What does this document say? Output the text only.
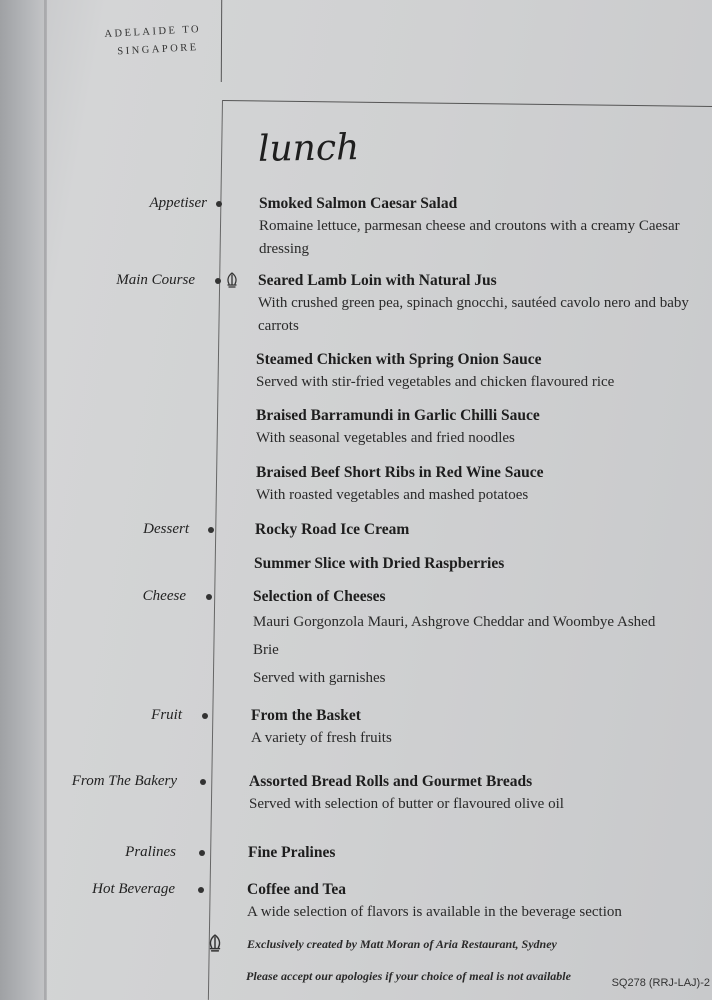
ADELAIDE TO
SINGAPORE
lunch
Appetiser	Smoked Salmon Caesar Salad
Romaine lettuce, parmesan cheese and croutons with a creamy Caesar
dressing
Main Course	Seared Lamb Loin with Natural Jus
With crushed green pea, spinach gnocchi, sautéed cavolo nero and baby
carrots
Steamed Chicken with Spring Onion Sauce
Served with stir-fried vegetables and chicken flavoured rice
Braised Barramundi in Garlic Chilli Sauce
With seasonal vegetables and fried noodles
Braised Beef Short Ribs in Red Wine Sauce
With roasted vegetables and mashed potatoes
Dessert	Rocky Road Ice Cream
Summer Slice with Dried Raspberries
Cheese	Selection of Cheeses
Mauri Gorgonzola Mauri, Ashgrove Cheddar and Woombye Ashed
Brie
Served with garnishes
Fruit	From the Basket
A variety of fresh fruits
From The Bakery	Assorted Bread Rolls and Gourmet Breads
Served with selection of butter or flavoured olive oil
Pralines	Fine Pralines
Hot Beverage	Coffee and Tea
A wide selection of flavors is available in the beverage section
Exclusively created by Matt Moran of Aria Restaurant, Sydney
Please accept our apologies if your choice of meal is not available	SQ278 (RRJ-LAJ)-2
